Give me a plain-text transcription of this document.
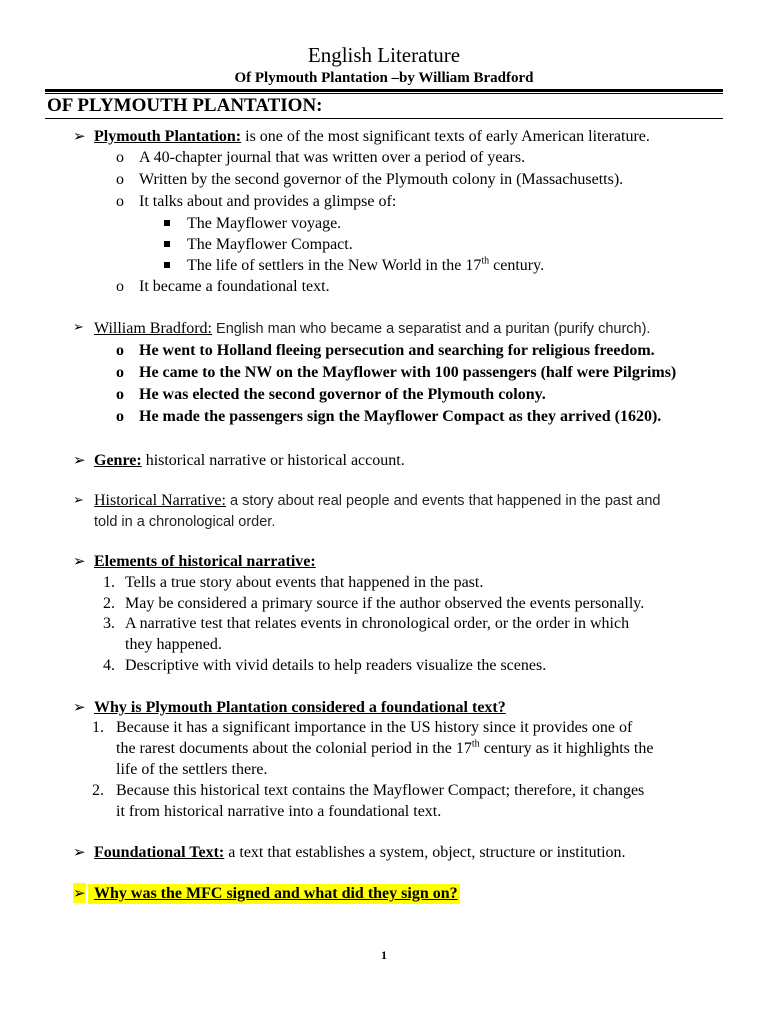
English Literature
Of Plymouth Plantation –by William Bradford
OF PLYMOUTH PLANTATION:
➢ Plymouth Plantation: is one of the most significant texts of early American literature.
o A 40-chapter journal that was written over a period of years.
o Written by the second governor of the Plymouth colony in (Massachusetts).
o It talks about and provides a glimpse of:
The Mayflower voyage.
The Mayflower Compact.
The life of settlers in the New World in the 17th century.
o It became a foundational text.
➢ William Bradford: English man who became a separatist and a puritan (purify church).
o He went to Holland fleeing persecution and searching for religious freedom.
o He came to the NW on the Mayflower with 100 passengers (half were Pilgrims)
o He was elected the second governor of the Plymouth colony.
o He made the passengers sign the Mayflower Compact as they arrived (1620).
➢ Genre: historical narrative or historical account.
➢ Historical Narrative: a story about real people and events that happened in the past and
told in a chronological order.
➢ Elements of historical narrative:
1. Tells a true story about events that happened in the past.
2. May be considered a primary source if the author observed the events personally.
3. A narrative test that relates events in chronological order, or the order in which
they happened.
4. Descriptive with vivid details to help readers visualize the scenes.
➢ Why is Plymouth Plantation considered a foundational text?
1. Because it has a significant importance in the US history since it provides one of
the rarest documents about the colonial period in the 17th century as it highlights the
life of the settlers there.
2. Because this historical text contains the Mayflower Compact; therefore, it changes
it from historical narrative into a foundational text.
➢ Foundational Text: a text that establishes a system, object, structure or institution.
➢ Why was the MFC signed and what did they sign on?
1
